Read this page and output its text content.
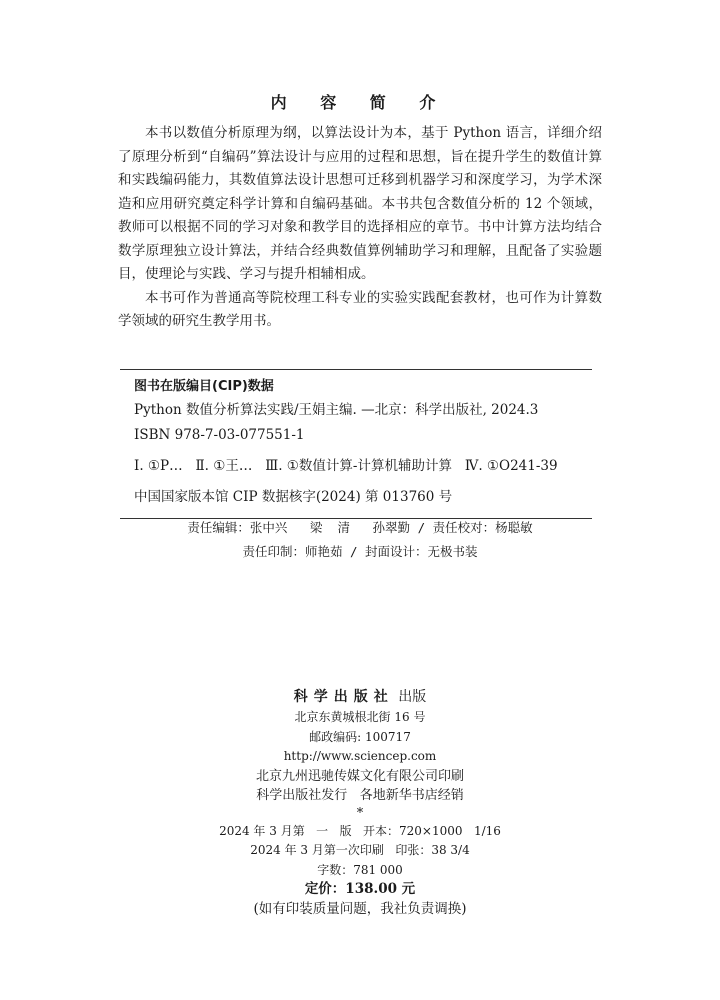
内 容 简 介

本书以数值分析原理为纲，以算法设计为本，基于 Python 语言，详细介绍了原理分析到“自编码”算法设计与应用的过程和思想，旨在提升学生的数值计算和实践编码能力，其数值算法设计思想可迁移到机器学习和深度学习，为学术深造和应用研究奠定科学计算和自编码基础。本书共包含数值分析的 12 个领域，教师可以根据不同的学习对象和教学目的选择相应的章节。书中计算方法均结合数学原理独立设计算法，并结合经典数值算例辅助学习和理解，且配备了实验题目，使理论与实践、学习与提升相辅相成。

本书可作为普通高等院校理工科专业的实验实践配套教材，也可作为计算数学领域的研究生教学用书。

图书在版编目(CIP)数据
Python 数值分析算法实践/王娟主编. —北京：科学出版社, 2024.3
ISBN 978-7-03-077551-1
Ⅰ. ①P…   Ⅱ. ①王…   Ⅲ. ①数值计算-计算机辅助计算   Ⅳ. ①O241-39
中国国家版本馆 CIP 数据核字(2024) 第 013760 号
责任编辑：张中兴   梁  清   孙翠勤 / 责任校对：杨聪敏
责任印制：师艳茹 / 封面设计：无极书装
科学出版社 出版
北京东黄城根北街 16 号
邮政编码: 100717
http://www.sciencep.com
北京九州迅驰传媒文化有限公司印刷
科学出版社发行   各地新华书店经销
*
2024 年 3 月第   一   版   开本：720×1000   1/16
2024 年 3 月第一次印刷   印张：38 3/4
字数：781 000
定价：138.00 元
(如有印装质量问题，我社负责调换)
